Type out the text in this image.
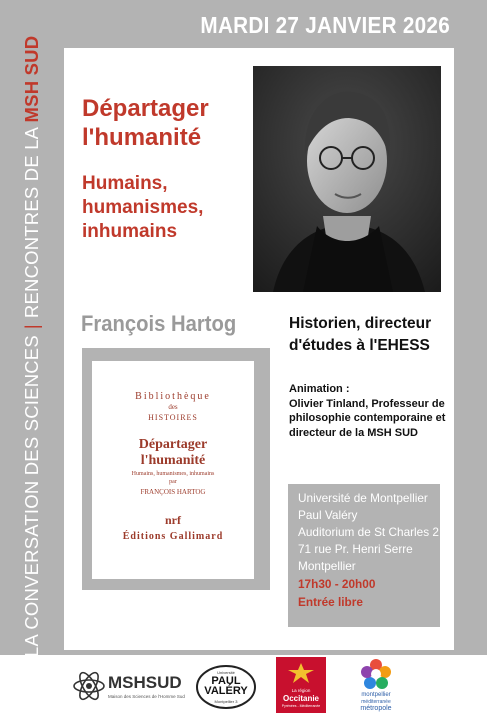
MARDI 27 JANVIER 2026
LA CONVERSATION DES SCIENCES|RENCONTRES DE LA MSH SUD Départager
l'humanité
Humains,
humanismes,
inhumains
François Hartog	Historien, directeur
d'études à l'EHESS
Animation :
Olivier Tinland, Professeur de
philosophie contemporaine et
directeur de la MSH SUD
Bibliothèque
des
HISTOIRES
Départager
l'humanité
Humains, humanismes, inhumains
par
FRANÇOIS HARTOG
nrf
Éditions Gallimard
Université de Montpellier
Paul Valéry
Auditorium de St Charles 2
71 rue Pr. Henri Serre
Montpellier
17h30 - 20h00
Entrée libre
MSHSUD
Maison des Sciences de l'Homme Sud
Université
PAUL
VALÉRY
Montpellier 3
La région
Occitanie
Pyrénées - Méditerranée
montpellier
méditerranée
métropole
